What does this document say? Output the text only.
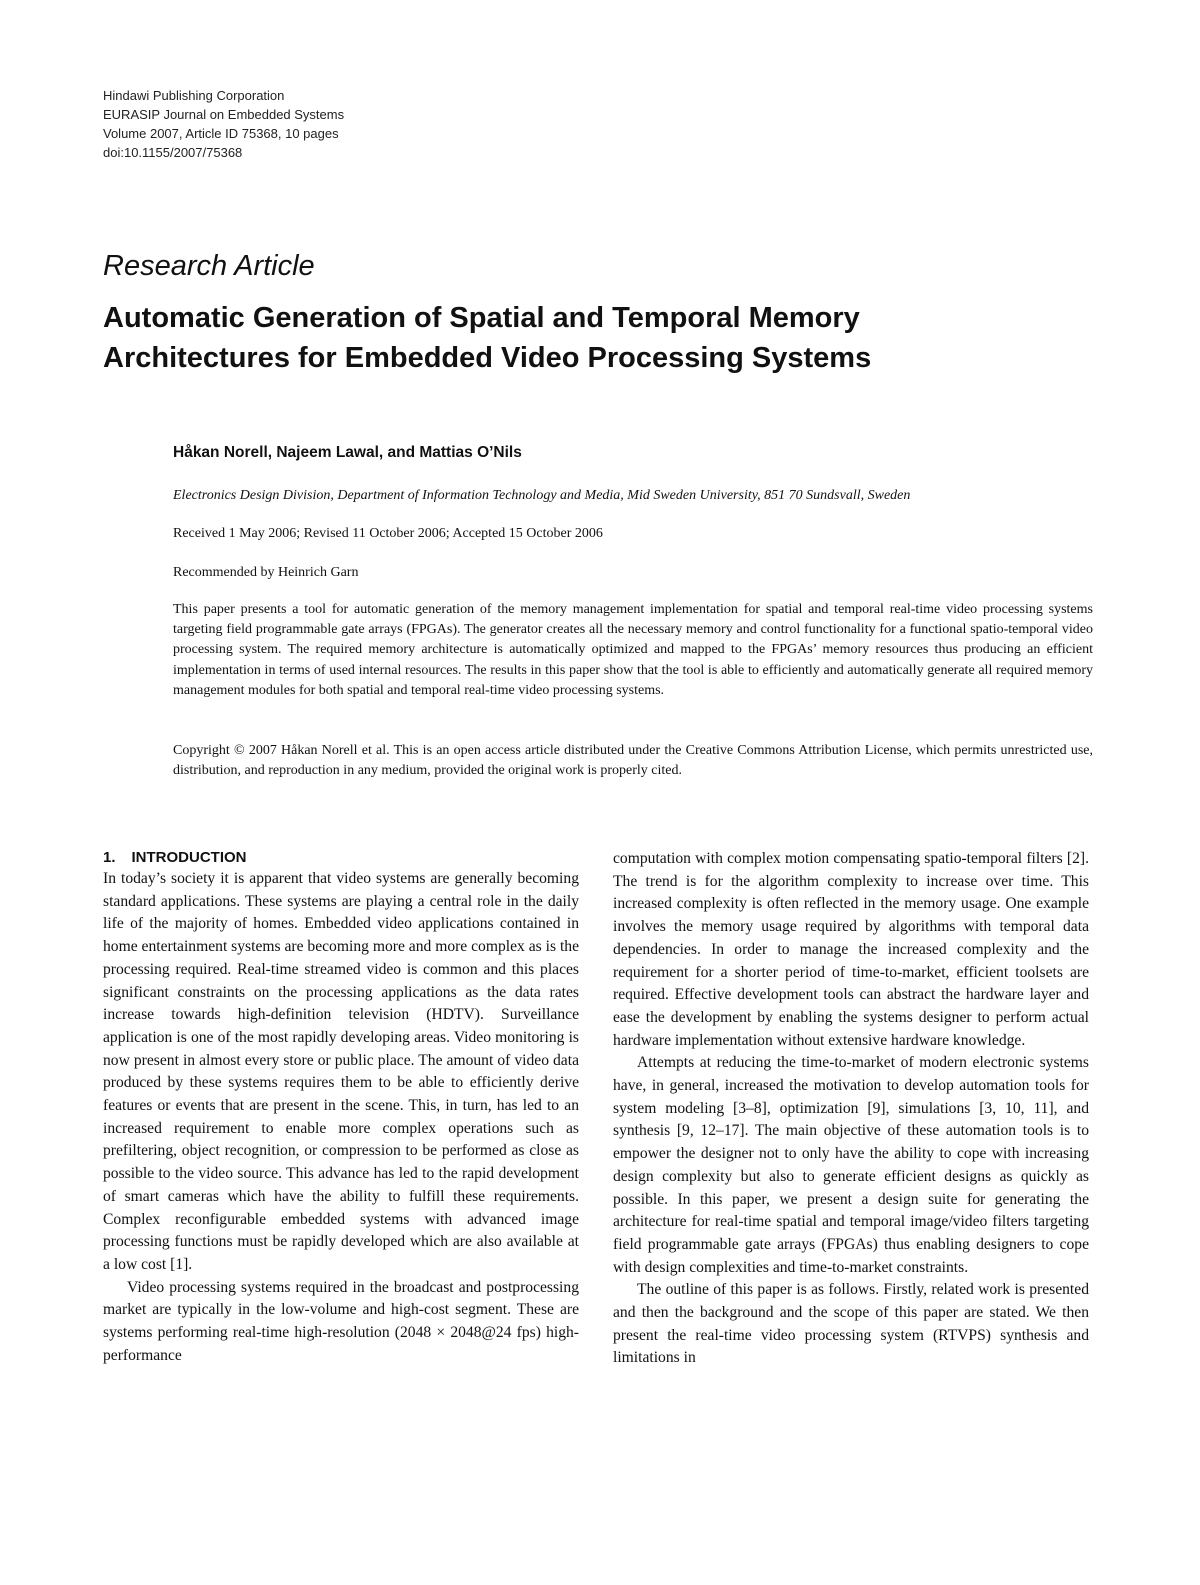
Hindawi Publishing Corporation
EURASIP Journal on Embedded Systems
Volume 2007, Article ID 75368, 10 pages
doi:10.1155/2007/75368
Research Article
Automatic Generation of Spatial and Temporal Memory
Architectures for Embedded Video Processing Systems
Håkan Norell, Najeem Lawal, and Mattias O’Nils
Electronics Design Division, Department of Information Technology and Media, Mid Sweden University, 851 70 Sundsvall, Sweden
Received 1 May 2006; Revised 11 October 2006; Accepted 15 October 2006
Recommended by Heinrich Garn
This paper presents a tool for automatic generation of the memory management implementation for spatial and temporal real-time video processing systems targeting field programmable gate arrays (FPGAs). The generator creates all the necessary memory and control functionality for a functional spatio-temporal video processing system. The required memory architecture is automatically optimized and mapped to the FPGAs’ memory resources thus producing an efficient implementation in terms of used internal resources. The results in this paper show that the tool is able to efficiently and automatically generate all required memory management modules for both spatial and temporal real-time video processing systems.
Copyright © 2007 Håkan Norell et al. This is an open access article distributed under the Creative Commons Attribution License, which permits unrestricted use, distribution, and reproduction in any medium, provided the original work is properly cited.
1. INTRODUCTION

In today’s society it is apparent that video systems are generally becoming standard applications. These systems are playing a central role in the daily life of the majority of homes. Embedded video applications contained in home entertainment systems are becoming more and more complex as is the processing required. Real-time streamed video is common and this places significant constraints on the processing applications as the data rates increase towards high-definition television (HDTV). Surveillance application is one of the most rapidly developing areas. Video monitoring is now present in almost every store or public place. The amount of video data produced by these systems requires them to be able to efficiently derive features or events that are present in the scene. This, in turn, has led to an increased requirement to enable more complex operations such as prefiltering, object recognition, or compression to be performed as close as possible to the video source. This advance has led to the rapid development of smart cameras which have the ability to fulfill these requirements. Complex reconfigurable embedded systems with advanced image processing functions must be rapidly developed which are also available at a low cost [1].

Video processing systems required in the broadcast and postprocessing market are typically in the low-volume and high-cost segment. These are systems performing real-time high-resolution (2048 × 2048@24 fps) high-performance

computation with complex motion compensating spatio-temporal filters [2]. The trend is for the algorithm complexity to increase over time. This increased complexity is often reflected in the memory usage. One example involves the memory usage required by algorithms with temporal data dependencies. In order to manage the increased complexity and the requirement for a shorter period of time-to-market, efficient toolsets are required. Effective development tools can abstract the hardware layer and ease the development by enabling the systems designer to perform actual hardware implementation without extensive hardware knowledge.

Attempts at reducing the time-to-market of modern electronic systems have, in general, increased the motivation to develop automation tools for system modeling [3–8], optimization [9], simulations [3, 10, 11], and synthesis [9, 12–17]. The main objective of these automation tools is to empower the designer not to only have the ability to cope with increasing design complexity but also to generate efficient designs as quickly as possible. In this paper, we present a design suite for generating the architecture for real-time spatial and temporal image/video filters targeting field programmable gate arrays (FPGAs) thus enabling designers to cope with design complexities and time-to-market constraints.

The outline of this paper is as follows. Firstly, related work is presented and then the background and the scope of this paper are stated. We then present the real-time video processing system (RTVPS) synthesis and limitations in
